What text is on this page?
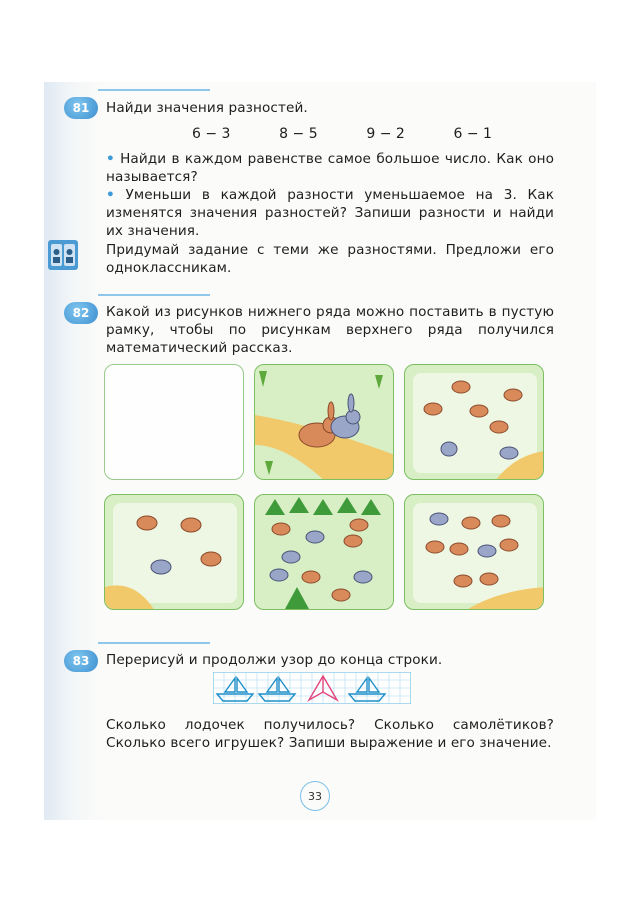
81	Найди значения разностей.
6 − 3	8 − 5	9 − 2	6 − 1
• Найди в каждом равенстве самое большое число. Как оно называется?
• Уменьши в каждой разности уменьшаемое на 3. Как изменятся значения разностей? Запиши разности и найди их значения.
Придумай задание с теми же разностями. Предложи его одноклассникам.
82	Какой из рисунков нижнего ряда можно поставить в пустую рамку, чтобы по рисункам верхнего ряда получился математический рассказ.
83	Перерисуй и продолжи узор до конца строки.
Сколько лодочек получилось? Сколько самолётиков? Сколько всего игрушек? Запиши выражение и его значение.
33
